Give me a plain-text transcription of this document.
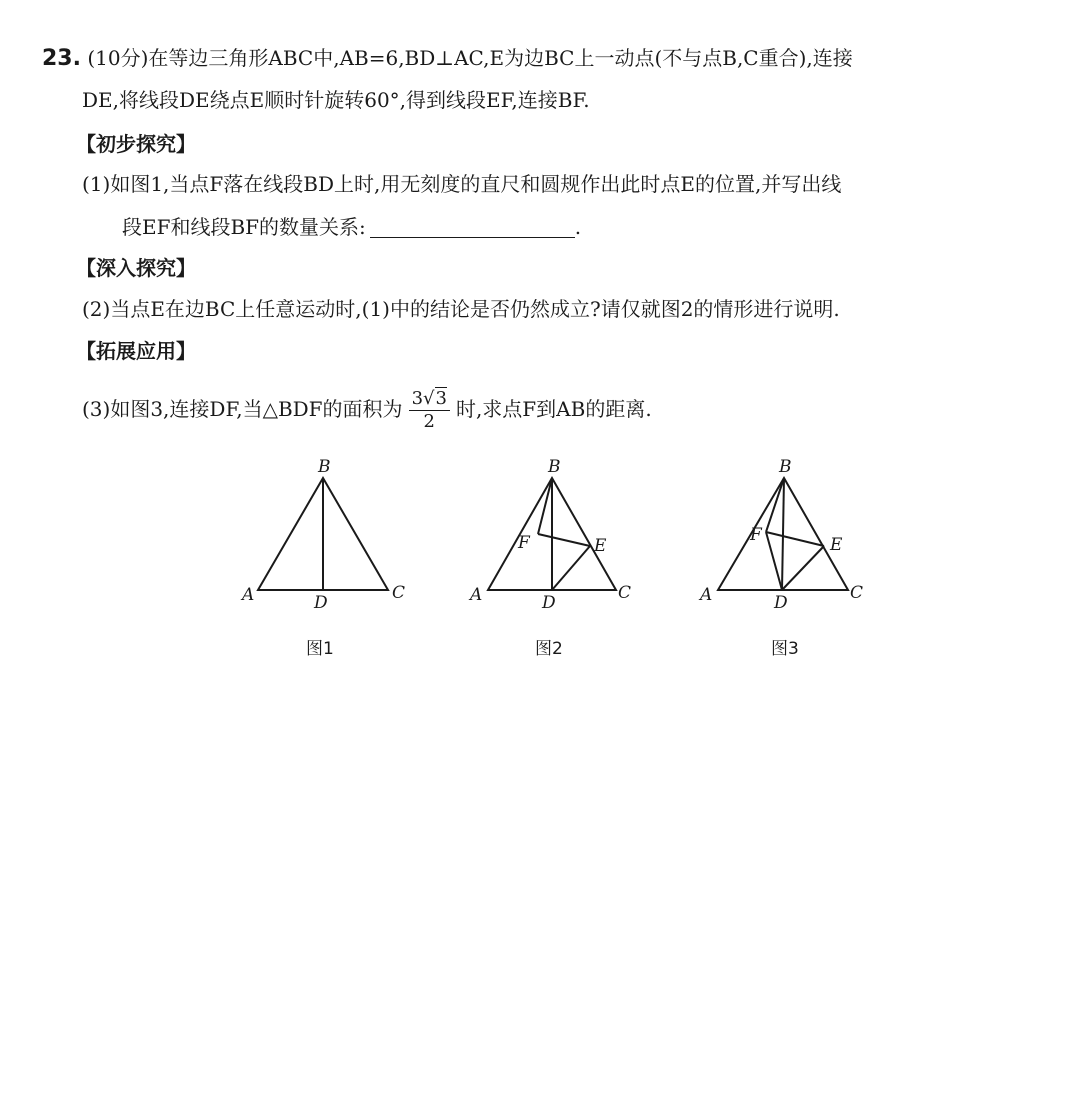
23. (10分)在等边三角形ABC中,AB=6,BD⊥AC,E为边BC上一动点(不与点B,C重合),连接
DE,将线段DE绕点E顺时针旋转60°,得到线段EF,连接BF.
【初步探究】
(1)如图1,当点F落在线段BD上时,用无刻度的直尺和圆规作出此时点E的位置,并写出线
段EF和线段BF的数量关系:	.
【深入探究】
(2)当点E在边BC上任意运动时,(1)中的结论是否仍然成立?请仅就图2的情形进行说明.
【拓展应用】
(3)如图3,连接DF,当△BDF的面积为 $\frac{3√3}{2}$ 时,求点F到AB的距离.
B
A	C
D
图1
B
A	C
D
E
F
图2
B
A	C
D
E
F
图3
